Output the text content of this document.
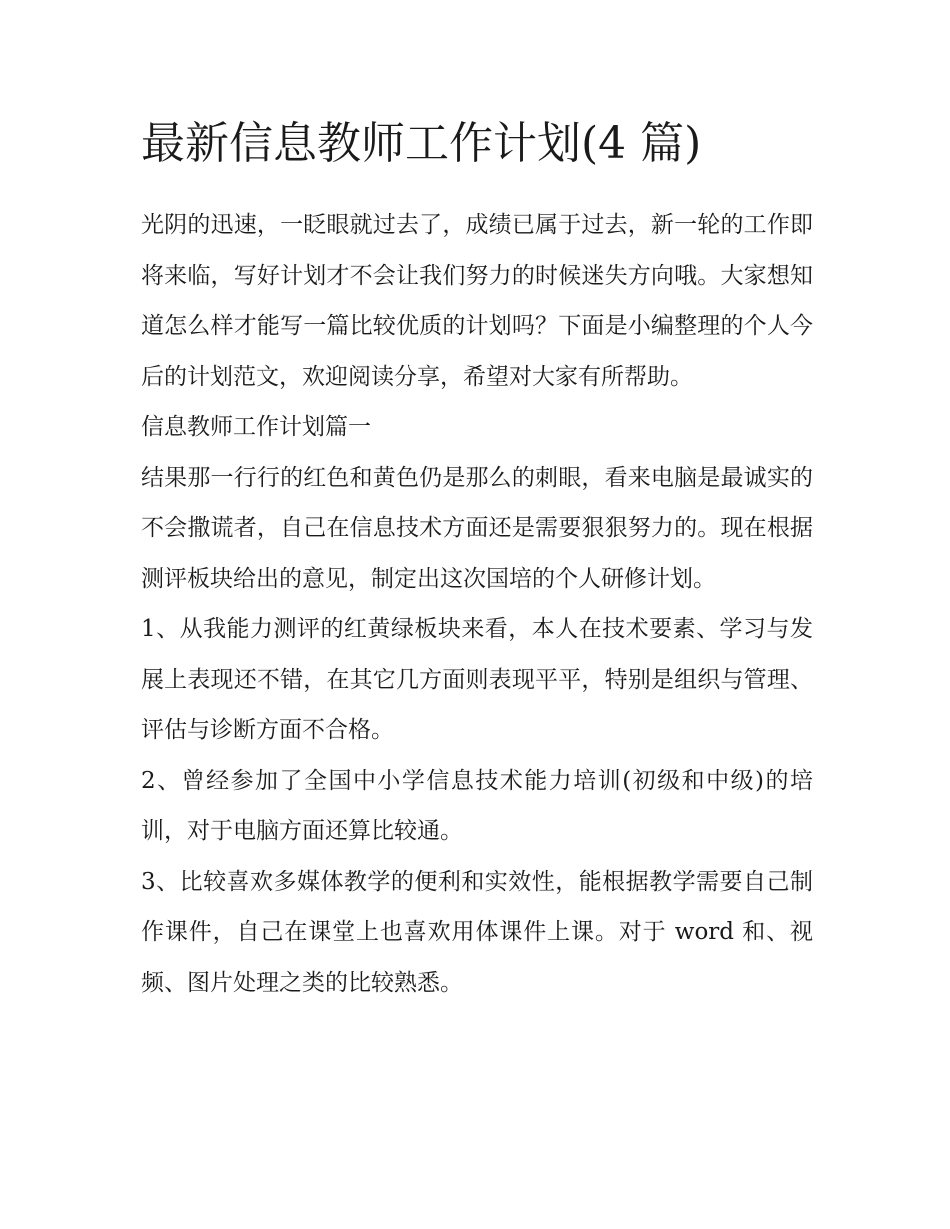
最新信息教师工作计划(4 篇)

光阴的迅速，一眨眼就过去了，成绩已属于过去，新一轮的工作即将来临，写好计划才不会让我们努力的时候迷失方向哦。大家想知道怎么样才能写一篇比较优质的计划吗？下面是小编整理的个人今后的计划范文，欢迎阅读分享，希望对大家有所帮助。

信息教师工作计划篇一

结果那一行行的红色和黄色仍是那么的刺眼，看来电脑是最诚实的不会撒谎者，自己在信息技术方面还是需要狠狠努力的。现在根据测评板块给出的意见，制定出这次国培的个人研修计划。

1、从我能力测评的红黄绿板块来看，本人在技术要素、学习与发展上表现还不错，在其它几方面则表现平平，特别是组织与管理、评估与诊断方面不合格。

2、曾经参加了全国中小学信息技术能力培训(初级和中级)的培训，对于电脑方面还算比较通。

3、比较喜欢多媒体教学的便利和实效性，能根据教学需要自己制作课件，自己在课堂上也喜欢用体课件上课。对于 word 和、视频、图片处理之类的比较熟悉。
